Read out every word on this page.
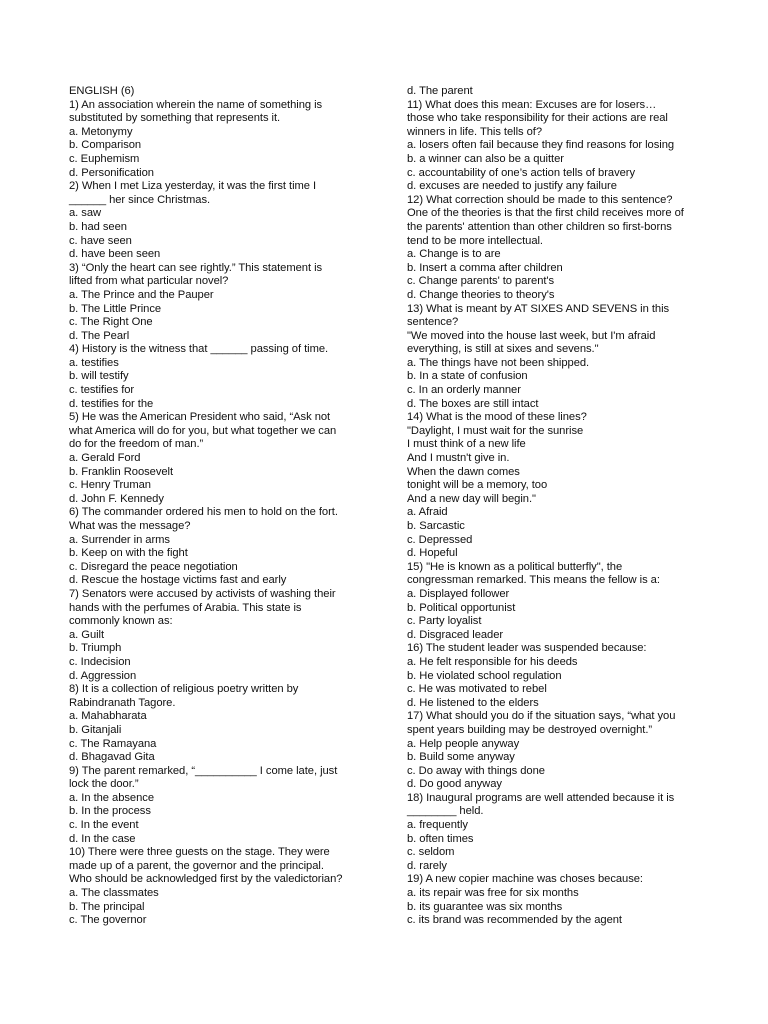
ENGLISH (6)
1) An association wherein the name of something is
substituted by something that represents it.
a. Metonymy
b. Comparison
c. Euphemism
d. Personification
2) When I met Liza yesterday, it was the first time I
______ her since Christmas.
a. saw
b. had seen
c. have seen
d. have been seen
3) “Only the heart can see rightly.” This statement is
lifted from what particular novel?
a. The Prince and the Pauper
b. The Little Prince
c. The Right One
d. The Pearl
4) History is the witness that ______ passing of time.
a. testifies
b. will testify
c. testifies for
d. testifies for the
5) He was the American President who said, “Ask not
what America will do for you, but what together we can
do for the freedom of man.”
a. Gerald Ford
b. Franklin Roosevelt
c. Henry Truman
d. John F. Kennedy
6) The commander ordered his men to hold on the fort.
What was the message?
a. Surrender in arms
b. Keep on with the fight
c. Disregard the peace negotiation
d. Rescue the hostage victims fast and early
7) Senators were accused by activists of washing their
hands with the perfumes of Arabia. This state is
commonly known as:
a. Guilt
b. Triumph
c. Indecision
d. Aggression
8) It is a collection of religious poetry written by
Rabindranath Tagore.
a. Mahabharata
b. Gitanjali
c. The Ramayana
d. Bhagavad Gita
9) The parent remarked, “__________ I come late, just
lock the door.”
a. In the absence
b. In the process
c. In the event
d. In the case
10) There were three guests on the stage. They were
made up of a parent, the governor and the principal.
Who should be acknowledged first by the valedictorian?
a. The classmates
b. The principal
c. The governor
d. The parent
11) What does this mean: Excuses are for losers…
those who take responsibility for their actions are real
winners in life. This tells of?
a. losers often fail because they find reasons for losing
b. a winner can also be a quitter
c. accountability of one’s action tells of bravery
d. excuses are needed to justify any failure
12) What correction should be made to this sentence?
One of the theories is that the first child receives more of
the parents' attention than other children so first-borns
tend to be more intellectual.
a. Change is to are
b. Insert a comma after children
c. Change parents' to parent's
d. Change theories to theory's
13) What is meant by AT SIXES AND SEVENS in this
sentence?
"We moved into the house last week, but I'm afraid
everything, is still at sixes and sevens."
a. The things have not been shipped.
b. In a state of confusion
c. In an orderly manner
d. The boxes are still intact
14) What is the mood of these lines?
"Daylight, I must wait for the sunrise
I must think of a new life
And I mustn't give in.
When the dawn comes
tonight will be a memory, too
And a new day will begin."
a. Afraid
b. Sarcastic
c. Depressed
d. Hopeful
15) "He is known as a political butterfly", the
congressman remarked. This means the fellow is a:
a. Displayed follower
b. Political opportunist
c. Party loyalist
d. Disgraced leader
16) The student leader was suspended because:
a. He felt responsible for his deeds
b. He violated school regulation
c. He was motivated to rebel
d. He listened to the elders
17) What should you do if the situation says, “what you
spent years building may be destroyed overnight.”
a. Help people anyway
b. Build some anyway
c. Do away with things done
d. Do good anyway
18) Inaugural programs are well attended because it is
________ held.
a. frequently
b. often times
c. seldom
d. rarely
19) A new copier machine was choses because:
a. its repair was free for six months
b. its guarantee was six months
c. its brand was recommended by the agent
